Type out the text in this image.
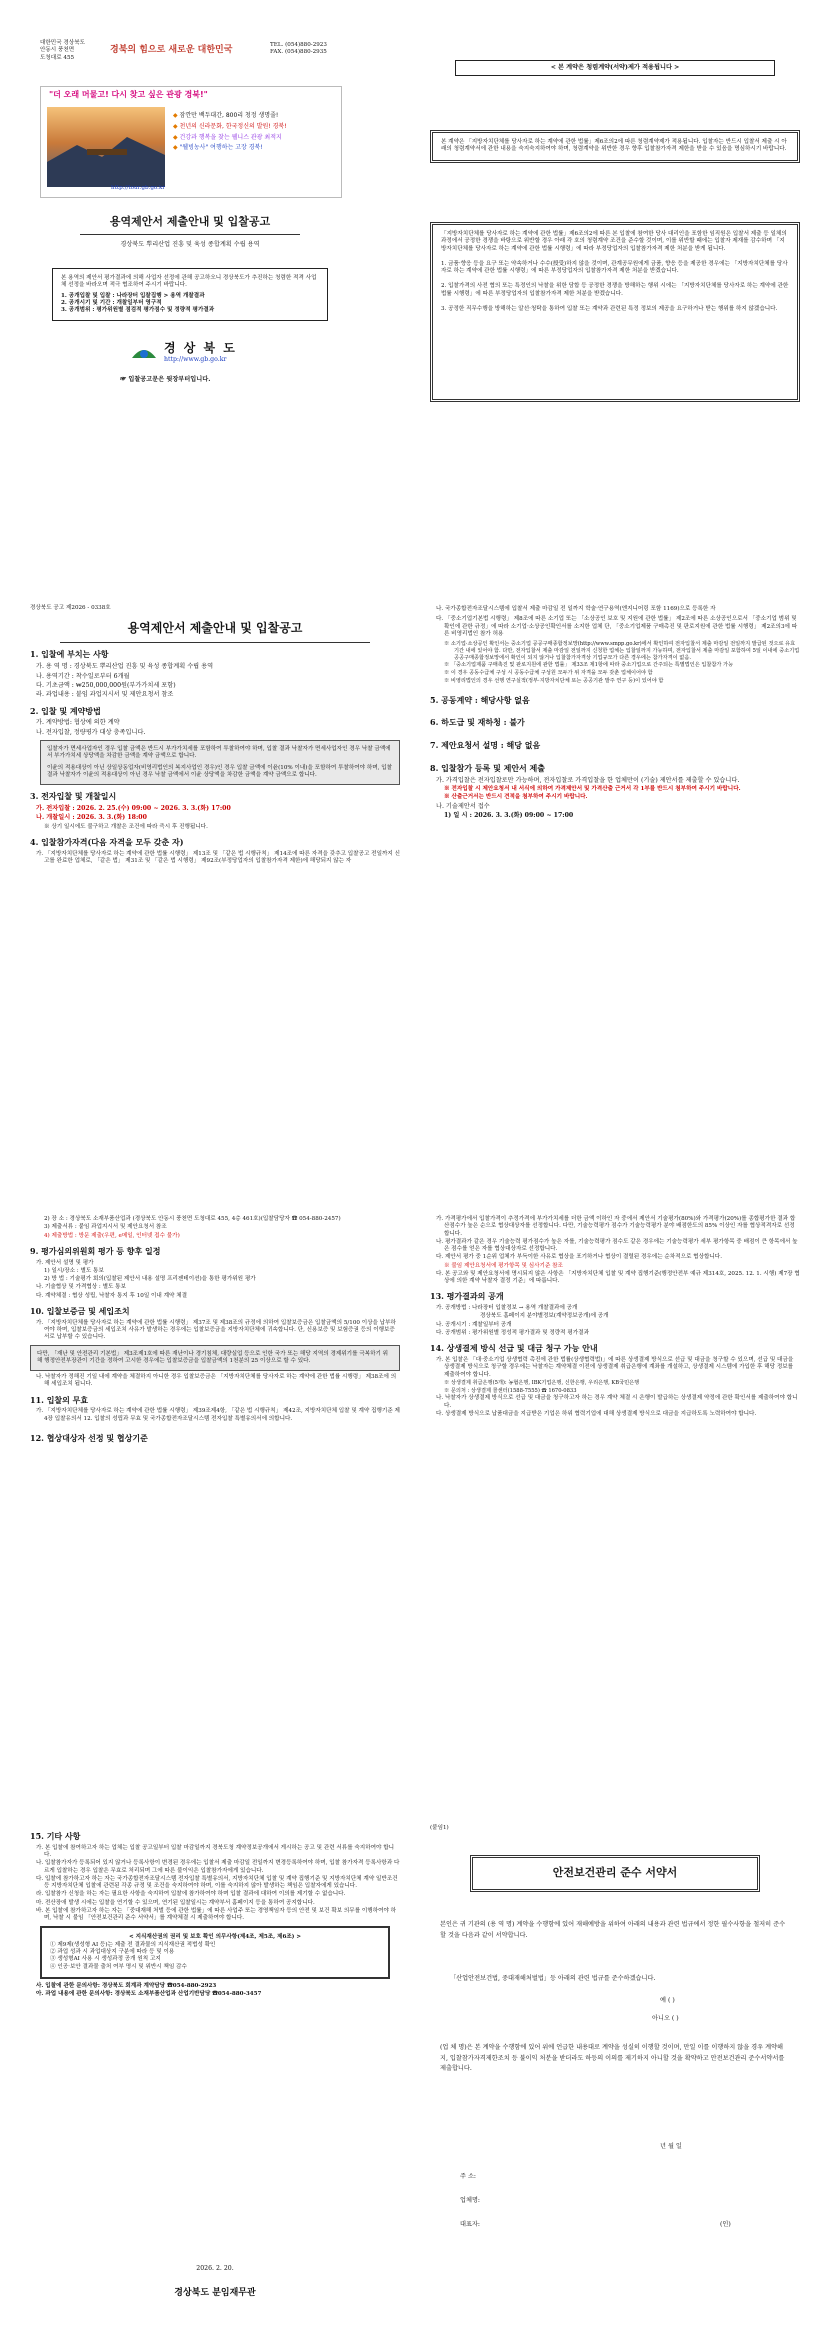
대한민국 경상북도
안동시 풍천면
도청대로 455
경북의 힘으로 새로운 대한민국	TEL. (054)880-2923
FAX. (054)880-2935
"더 오래 머물고! 다시 찾고 싶은 관광 경북!"
◆ 잠깐만 백두대간, 800리 청정 생명줄!
◆ 천년의 신라문화, 한국정신의 발원! 경북!
◆ 건강과 행복을 찾는 웰니스 관광 최적지
◆ "웰빙농사" 여행하는 고장 경북!
http://tour.gb.go.kr
용역제안서 제출안내 및 입찰공고
경상북도 뿌리산업 진흥 및 육성 종합계획 수립 용역
본 용역의 제안서 평가결과에 의해 사업자 선정에 관해 공고하오니 경상북도가 추진하는 청렴한 적격 사업체 선정을 바라오며 적극 협조하여 주시기 바랍니다.
1. 공개입찰 및 입찰 : 나라장터 입찰집행 > 용역 개찰결과
2. 공개시기 및 기간 : 개찰일부터 영구적
3. 공개범위 : 평가위원별 점검적 평가점수 및 정량적 평가결과
경 상 북 도
http://www.gb.go.kr
☞ 입찰공고문은 뒷장부터입니다.
< 본 계약은 청렴계약(서약)제가 적용됩니다 >
본 계약은 「지방자치단체를 당사자로 하는 계약에 관한 법률」제6조의2에 따른 청렴계약제가 적용됩니다. 입찰자는 반드시 입찰서 제출 시 아래의 청렴계약서에 관한 내용을 숙지숙지하여야 하며, 청렴계약을 위반한 경우 향후 입찰참가자격 제한을 받을 수 있음을 명심하시기 바랍니다.
「지방자치단체를 당사자로 하는 계약에 관한 법률」제6조의2에 따른 본 입찰에 참여한 당사 대리인을 포함한 임직원은 입찰서 제출 등 일체의 과정에서 공정한 경쟁을 바탕으로 위반할 경우 아래 각 호의 청렴계약 조건을 준수할 것이며, 이를 위반할 때에는 입찰자 제재를 감수하며 「지방자치단체를 당사자로 하는 계약에 관한 법률 시행령」에 따라 부정당업자의 입찰참가자격 제한 처분을 받게 됩니다.
1. 금품·향응 등을 요구 또는 약속하거나 수수(授受)하지 않을 것이며, 관계공무원에게 금품, 향응 등을 제공한 경우에는 「지방자치단체를 당사자로 하는 계약에 관한 법률 시행령」에 따른 부정당업자의 입찰참가자격 제한 처분을 받겠습니다.
2. 입찰가격의 사전 협의 또는 특정인의 낙찰을 위한 담합 등 공정한 경쟁을 방해하는 행위 시에는 「지방자치단체를 당사자로 하는 계약에 관한 법률 시행령」에 따른 부정당업자의 입찰참가자격 제한 처분을 받겠습니다.
3. 공정한 직무수행을 방해하는 알선·청탁을 통하여 입찰 또는 계약과 관련된 특정 정보의 제공을 요구하거나 받는 행위를 하지 않겠습니다.
경상북도 공고 제2026 - 0338호
용역제안서 제출안내 및 입찰공고
1. 입찰에 부치는 사항
가. 용 역 명 : 경상북도 뿌리산업 진흥 및 육성 종합계획 수립 용역
나. 용역기간 : 착수일로부터 6개월
다. 기초금액 : ₩250,000,000원(부가가치세 포함)
라. 과업내용 : 붙임 과업지시서 및 제안요청서 참조
2. 입찰 및 계약방법
가. 계약방법: 협상에 의한 계약
나. 전자입찰, 정량평가 대상 충족입니다.
입찰자가 면세사업자인 경우 입찰 금액은 반드시 부가가치세를 포함하여 투찰하여야 하며, 입찰 결과 낙찰자가 면세사업자인 경우 낙찰 금액에서 부가가치세 상당액을 차감한 금액을 계약 금액으로 합니다.
이윤의 적용대상이 아닌 상일상동업자(비영리법인의 복지사업인 경우)인 경우 입찰 금액에 이윤(10% 이내)을 포함하여 투찰하여야 하며, 입찰 결과 낙찰자가 이윤의 적용대상이 아닌 경우 낙찰 금액에서 이윤 상당액을 차감한 금액을 계약 금액으로 합니다.
3. 전자입찰 및 개찰일시
가. 전자입찰 : 2026. 2. 25.(수) 09:00 ~ 2026. 3. 3.(화) 17:00
나. 개찰일시 : 2026. 3. 3.(화) 18:00
※ 상기 일시에도 불구하고 개찰은 조건에 따라 즉시 후 진행됩니다.
4. 입찰참가자격(다음 자격을 모두 갖춘 자)
가. 「지방자치단체를 당사자로 하는 계약에 관한 법률 시행령」 제13조 및 「같은 법 시행규칙」 제14조에 따른 자격을 갖추고 입찰공고 전일까지 신고를 완료한 업체로, 「같은 법」 제31조 및 「같은 법 시행령」 제92조(부정당업자의 입찰참가자격 제한)에 해당되지 않는 자
나. 국가종합전자조달시스템에 입찰서 제출 마감일 전 일까지 학술·연구용역(엔지니어링 포함 1169)으로 등록한 자
다. 「중소기업기본법 시행령」 제8조에 따른 소기업 또는 「소상공인 보호 및 지원에 관한 법률」 제2조에 따른 소상공인으로서 「중소기업 범위 및 확인에 관한 규정」에 따라 소기업·소상공인확인서를 소지한 업체 단, 「중소기업제품 구매촉진 및 판로지원에 관한 법률 시행령」 제2조의3에 따른 비영리법인 참가 허용
※ 소기업·소상공인 확인서는 중소기업 공공구매종합정보망(http://www.smpp.go.kr)에서 확인하여 전자입찰서 제출 마감일 전일까지 발급된 것으로 유효기간 내에 있어야 함. 다만, 전자입찰서 제출 마감일 전일까지 신청한 업체는 입찰일까지 가능하며, 전자입찰서 제출 마감일 포함하여 5일 이내에 중소기업 공공구매종합정보망에서 확인이 되지 않거나 입찰참가자격상 기업규모가 다른 경우에는 참가자격이 없음.
※ 「중소기업제품 구매촉진 및 판로지원에 관한 법률」 제33조 제1항에 따라 중소기업으로 간주되는 특별법인은 입찰참가 가능
※ 이 경우 공동수급체 구성 시 공동수급체 구성원 모두가 위 자격을 모두 갖춘 업체이어야 함
※ 비영리법인의 경우 선행 연구실적(정부·지방자치단체 또는 공공기관 발주 연구 등)이 있어야 함
5. 공동계약 : 해당사항 없음
6. 하도급 및 재하청 : 불가
7. 제안요청서 설명 : 해당 없음
8. 입찰참가 등록 및 제안서 제출
가. 가격입찰은 전자입찰로만 가능하며, 전자입찰로 가격입찰을 한 업체만이 (기술) 제안서를 제출할 수 있습니다.
※ 전자입찰 시 제안요청서 내 서식에 의하여 가격제안서 및 가격산출 근거서 각 1부를 반드시 첨부하여 주시기 바랍니다.
※ 산출근거서는 반드시 견적을 첨부하여 주시기 바랍니다.
나. 기술제안서 접수
1) 일 시 : 2026. 3. 3.(화) 09:00 ~ 17:00
2) 장 소 : 경상북도 소재부품산업과 (경상북도 안동시 풍천면 도청대로 455, 4층 461호)(입찰담당자 ☎ 054-880-2457)
3) 제출서류 : 붙임 과업지시서 및 제안요청서 참조
4) 제출방법 : 방문 제출(우편, e메일, 인터넷 접수 불가)
9. 평가심의위원회 평가 등 향후 일정
가. 제안서 설명 및 평가
1) 일시/장소 : 별도 통보
2) 방 법 : 기술평가 회의(입찰된 제안서 내용 설명 프리젠테이션)을 통한 평가위원 평가
나. 기술협상 및 가격협상 : 별도 통보
다. 계약체결 : 협상 성립, 낙찰자 통지 후 10일 이내 계약 체결
10. 입찰보증금 및 세입조치
가. 「지방자치단체를 당사자로 하는 계약에 관한 법률 시행령」 제37조 및 제38조의 규정에 의하여 입찰보증금은 입찰금액의 5/100 이상을 납부하여야 하며, 입찰보증금의 세입조치 사유가 발생하는 경우에는 입찰보증금을 지방자치단체에 귀속합니다. 단, 신용보증 및 보험증권 등의 이행보증서로 납부할 수 있습니다.
다만, 「재난 및 안전관리 기본법」 제3조제1호에 따른 재난이나 경기침체, 대량실업 등으로 인한 국가 또는 해당 지역의 경제위기를 극복하기 위해 행정안전부장관이 기간을 정하여 고시한 경우에는 입찰보증금을 입찰금액의 1천분의 25 이상으로 할 수 있다.
나. 낙찰자가 정해진 기일 내에 계약을 체결하지 아니한 경우 입찰보증금은 「지방자치단체를 당사자로 하는 계약에 관한 법률 시행령」 제38조에 의해 세입조치 됩니다.
11. 입찰의 무효
가. 「지방자치단체를 당사자로 하는 계약에 관한 법률 시행령」 제39조제4항, 「같은 법 시행규칙」 제42조, 지방자치단체 입찰 및 계약 집행기준 제4장 입찰유의서 12. 입찰의 성립과 무효 및 국가종합전자조달시스템 전자입찰 특별유의서에 의합니다.
12. 협상대상자 선정 및 협상기준
가. 가격평가에서 입찰가격이 추정가격에 부가가치세를 더한 금액 이하인 자 중에서 제안서 기술평가(80%)와 가격평가(20%)를 종합평가한 결과 합산점수가 높은 순으로 협상대상자를 선정합니다. 다만, 기술능력평가 점수가 기술능력평가 분야 배점한도의 85% 이상인 자를 협상적격자로 선정합니다.
나. 평가결과가 같은 경우 기술능력 평가점수가 높은 자를, 기술능력평가 점수도 같은 경우에는 기술능력평가 세부 평가항목 중 배점이 큰 항목에서 높은 점수를 얻은 자를 협상대상자로 선정합니다.
다. 제안서 평가 중 1순위 업체가 부득이한 사유로 협상을 포기하거나 협상이 결렬된 경우에는 순차적으로 협상합니다.
※ 불임 제안요청서에 평가항목 및 심사기준 참조
다. 본 공고와 및 제안요청서에 명시되지 않은 사항은 「지방자치단체 입찰 및 계약 집행기준(행정안전부 예규 제314호, 2025. 12. 1. 시행) 제7장 협상에 의한 계약 낙찰자 결정 기준」에 따릅니다.
13. 평가결과의 공개
가. 공개방법 : 나라장터 입찰정보 → 용역 개찰결과에 공개
경상북도 홈페이지 분야별정보(계약정보공개)에 공개
나. 공개시기 : 계찰일부터 공개
다. 공개범위 : 평가위원별 정성적 평가결과 및 정량적 평가결과
14. 상생결제 방식 선급 및 대금 청구 가능 안내
가. 본 입찰은 「대·중소기업 상생협력 촉진에 관한 법률(상생협력법)」에 따른 상생결제 방식으로 선급 및 대금을 청구할 수 있으며, 선급 및 대금을 상생결제 방식으로 청구할 경우에는 낙찰자는 계약체결 이전에 상생결제 취급은행에 계좌를 개설하고, 상생결제 시스템에 가입한 후 해당 정보를 제출하여야 합니다.
※ 상생결제 취급은행(5개): 농협은행, IBK기업은행, 신한은행, 우리은행, KB국민은행
※ 문의처 : 상생결제 콜센터(1588-7555) ☎ 1670-0833
나. 낙찰자가 상생결제 방식으로 선급 및 대금을 청구하고자 하는 경우 계약 체결 시 은행이 발급하는 상생결제 약정에 관한 확인서를 제출하여야 합니다.
다. 상생결제 방식으로 납품대금을 지급받은 기업은 하위 협력기업에 대해 상생결제 방식으로 대금을 지급하도록 노력하여야 합니다.
15. 기타 사항
가. 본 입찰에 참여하고자 하는 업체는 입찰 공고일부터 입찰 마감일까지 경북도청 계약정보공개에서 게시하는 공고 및 관련 서류를 숙지하여야 합니다.
나. 입찰참가자가 등록되어 있지 않거나 등록사항이 변경된 경우에는 입찰서 제출 마감일 전일까지 변경등록하여야 하며, 입찰 참가자격 등록사항과 다르게 입찰하는 경우 입찰은 무효로 처리되며 그에 따른 불이익은 입찰참가자에게 있습니다.
다. 입찰에 참가하고자 하는 자는 국가종합전자조달시스템 전자입찰 특별유의서, 지방자치단체 입찰 및 계약 집행기준 및 지방자치단체 계약 일반조건 등 지방자치단체 입찰에 관련된 각종 규정 및 조건을 숙지하여야 하며, 이를 숙지하지 않아 발생하는 책임은 입찰자에게 있습니다.
라. 입찰참가 신청을 하는 자는 필요한 사항을 숙지하여 입찰에 참가하여야 하며 입찰 결과에 대하여 이의를 제기할 수 없습니다.
마. 전산장애 발생 시에는 입찰을 연기할 수 있으며, 연기된 입찰일시는 계약부서 홈페이지 등을 통하여 공지합니다.
바. 본 입찰에 참가하고자 하는 자는 「중대재해 처벌 등에 관한 법률」에 따른 사업주 또는 경영책임자 등의 안전 및 보건 확보 의무를 이행하여야 하며, 낙찰 시 불임 「안전보건관리 준수 서약서」를 계약체결 시 제출하여야 합니다.
< 지식재산권의 권리 및 보호 확인 의무사항(제4조, 제5조, 제6조) >
① 제9제(생성형 AI 등)는 제출 전 결과물의 지식재산권 적법성 확인
② 과업 성과 시 과업대상지 구분에 따라 등 및 이용
③ 생성형AI 사용 시 생성과정 공개 원칙 고지
④ 인공·보안 결과물 출처 여부 명시 및 위반시 책임 감수
사. 입찰에 관한 문의사항: 경상북도 회계과 계약담당 ☎054-880-2923
아. 과업 내용에 관한 문의사항: 경상북도 소재부품산업과 산업기반담당 ☎054-880-3457
2026. 2. 20.
경상북도 분임재무관
(붙임1)
안전보건관리 준수 서약서
본인은 귀 기관의 (용 역 명) 계약을 수행함에 있어 재해예방을 위하여 아래의 내용과 관련 법규에서 정한 필수사항을 철저히 준수할 것을 다음과 같이 서약합니다.
「산업안전보건법, 중대재해처벌법」등 아래의 관련 법규를 준수하겠습니다.
예 ( )
아니오 ( )
(업 체 명)은 본 계약을 수행함에 있어 위에 언급한 내용대로 계약을 성실히 이행할 것이며, 만일 이를 이행하지 않을 경우 계약해지, 입찰참가자격제한조치 등 불이익 처분을 받더라도 하등의 이의를 제기하지 아니할 것을 확약하고 안전보건관리 준수서약서를 제출합니다.
년 월 일
주 소:
업체명:
대표자:	(인)
